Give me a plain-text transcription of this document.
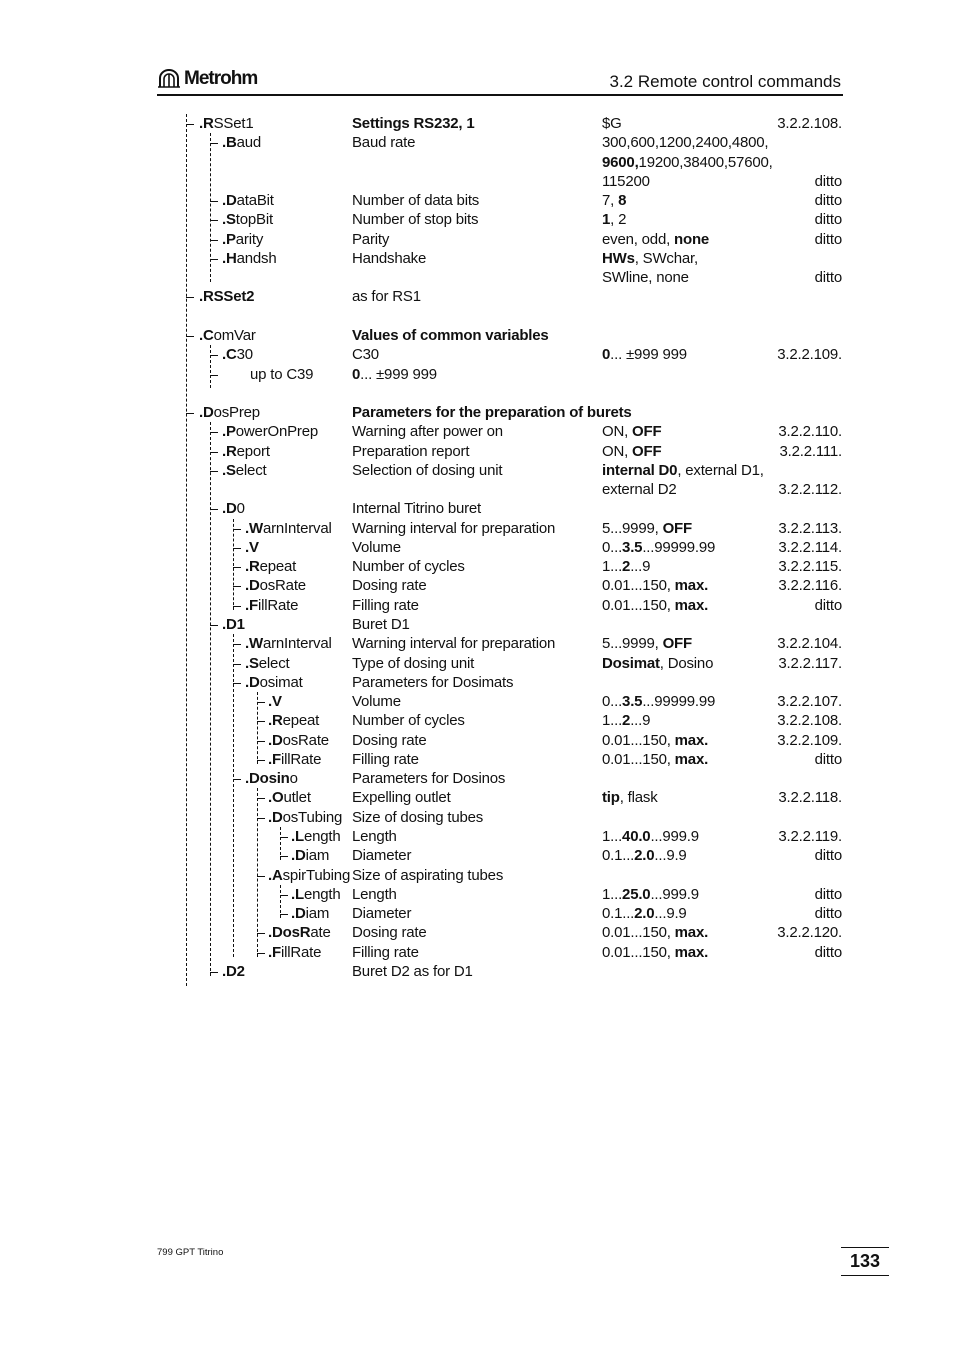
Metrohm	3.2 Remote control commands
.RSSet1	Settings RS232, 1	$G	3.2.2.108.
.Baud	Baud rate	300,600,1200,2400,4800,
9600,19200,38400,57600,
115200	ditto
.DataBit	Number of data bits	7, 8	ditto
.StopBit	Number of stop bits	1, 2	ditto
.Parity	Parity	even, odd, none	ditto
.Handsh	Handshake	HWs, SWchar,
SWline, none	ditto
.RSSet2	as for RS1
.ComVar	Values of common variables
.C30	C30	0... ±999 999	3.2.2.109.
up to C39	0... ±999 999
.DosPrep	Parameters for the preparation of burets
.PowerOnPrep Warning after power on	ON, OFF	3.2.2.110.
.Report	Preparation report	ON, OFF	3.2.2.111.
.Select	Selection of dosing unit	internal D0, external D1,
external D2	3.2.2.112.
.D0	Internal Titrino buret
.WarnInterval Warning interval for preparation	5...9999, OFF	3.2.2.113.
.V	Volume	0...3.5...99999.99	3.2.2.114.
.Repeat	Number of cycles	1...2...9	3.2.2.115.
.DosRate	Dosing rate	0.01...150, max.	3.2.2.116.
.FillRate	Filling rate	0.01...150, max.	ditto
.D1	Buret D1
.WarnInterval Warning interval for preparation	5...9999, OFF	3.2.2.104.
.Select	Type of dosing unit	Dosimat, Dosino	3.2.2.117.
.Dosimat	Parameters for Dosimats
.V	Volume	0...3.5...99999.99	3.2.2.107.
.Repeat Number of cycles	1...2...9	3.2.2.108.
.DosRate Dosing rate	0.01...150, max.	3.2.2.109.
.FillRate Filling rate	0.01...150, max.	ditto
.Dosino	Parameters for Dosinos
.Outlet	Expelling outlet	tip, flask	3.2.2.118.
.DosTubing Size of dosing tubes
.Length Length	1...40.0...999.9	3.2.2.119.
.Diam Diameter	0.1...2.0...9.9	ditto
.AspirTubing Size of aspirating tubes
.Length Length	1...25.0...999.9	ditto
.Diam Diameter	0.1...2.0...9.9	ditto
.DosRate Dosing rate	0.01...150, max.	3.2.2.120.
.FillRate Filling rate	0.01...150, max.	ditto
.D2	Buret D2 as for D1
799 GPT Titrino	133
